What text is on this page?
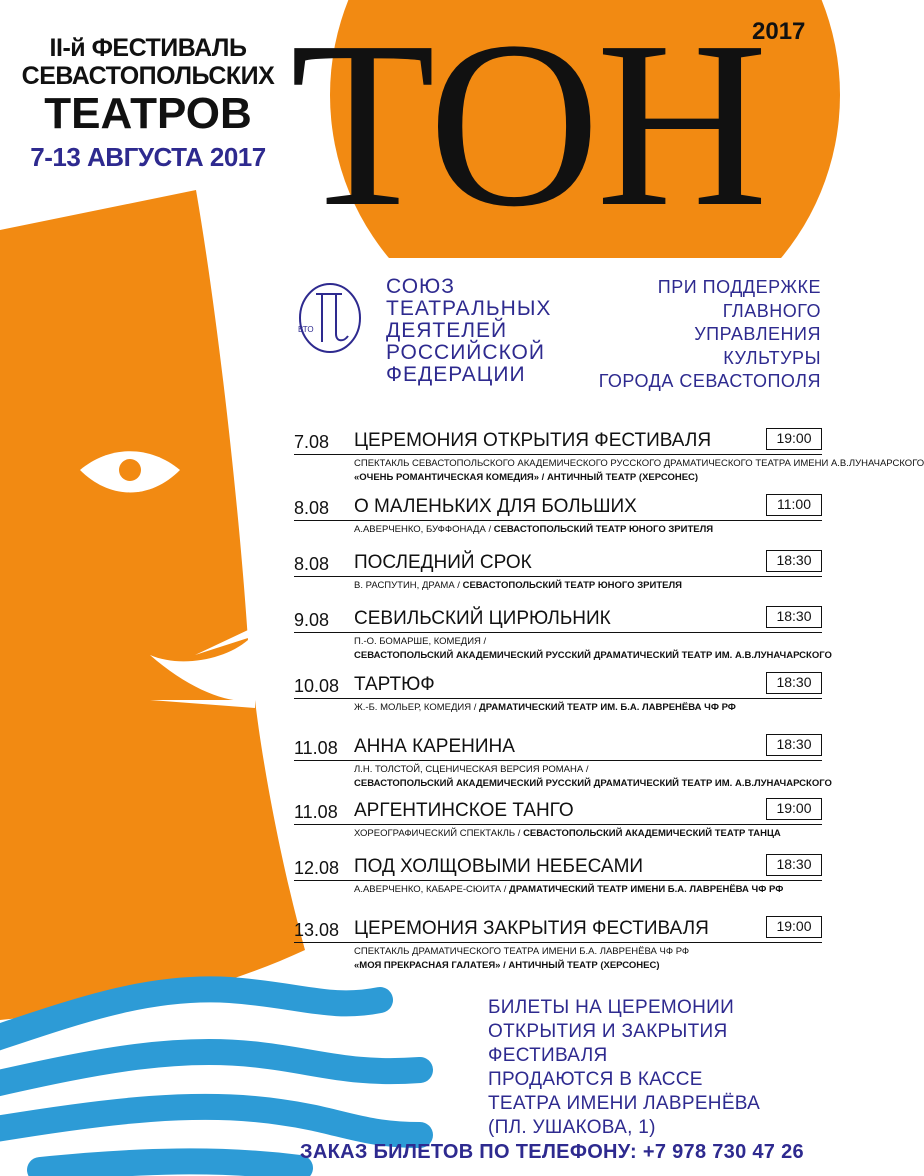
II-й ФЕСТИВАЛЬ
СЕВАСТОПОЛЬСКИХ
ТЕАТРОВ
7-13 АВГУСТА 2017 ТОН
2017
ВТО
СОЮЗ
ТЕАТРАЛЬНЫХ
ДЕЯТЕЛЕЙ
РОССИЙСКОЙ
ФЕДЕРАЦИИ
ПРИ ПОДДЕРЖКЕ
ГЛАВНОГО
УПРАВЛЕНИЯ
КУЛЬТУРЫ
ГОРОДА СЕВАСТОПОЛЯ
7.08 ЦЕРЕМОНИЯ ОТКРЫТИЯ ФЕСТИВАЛЯ	19:00
СПЕКТАКЛЬ СЕВАСТОПОЛЬСКОГО АКАДЕМИЧЕСКОГО РУССКОГО ДРАМАТИЧЕСКОГО ТЕАТРА ИМЕНИ А.В.ЛУНАЧАРСКОГО
«ОЧЕНЬ РОМАНТИЧЕСКАЯ КОМЕДИЯ» / АНТИЧНЫЙ ТЕАТР (ХЕРСОНЕС)
8.08 О МАЛЕНЬКИХ ДЛЯ БОЛЬШИХ	11:00
А.АВЕРЧЕНКО, БУФФОНАДА / СЕВАСТОПОЛЬСКИЙ ТЕАТР ЮНОГО ЗРИТЕЛЯ
8.08 ПОСЛЕДНИЙ СРОК	18:30
В. РАСПУТИН, ДРАМА / СЕВАСТОПОЛЬСКИЙ ТЕАТР ЮНОГО ЗРИТЕЛЯ
9.08 СЕВИЛЬСКИЙ ЦИРЮЛЬНИК	18:30
П.-О. БОМАРШЕ, КОМЕДИЯ /
СЕВАСТОПОЛЬСКИЙ АКАДЕМИЧЕСКИЙ РУССКИЙ ДРАМАТИЧЕСКИЙ ТЕАТР ИМ. А.В.ЛУНАЧАРСКОГО
10.08 ТАРТЮФ	18:30
Ж.-Б. МОЛЬЕР, КОМЕДИЯ / ДРАМАТИЧЕСКИЙ ТЕАТР ИМ. Б.А. ЛАВРЕНЁВА ЧФ РФ
11.08 АННА КАРЕНИНА	18:30
Л.Н. ТОЛСТОЙ, СЦЕНИЧЕСКАЯ ВЕРСИЯ РОМАНА /
СЕВАСТОПОЛЬСКИЙ АКАДЕМИЧЕСКИЙ РУССКИЙ ДРАМАТИЧЕСКИЙ ТЕАТР ИМ. А.В.ЛУНАЧАРСКОГО
11.08 АРГЕНТИНСКОЕ ТАНГО	19:00
ХОРЕОГРАФИЧЕСКИЙ СПЕКТАКЛЬ / СЕВАСТОПОЛЬСКИЙ АКАДЕМИЧЕСКИЙ ТЕАТР ТАНЦА
12.08 ПОД ХОЛЩОВЫМИ НЕБЕСАМИ	18:30
А.АВЕРЧЕНКО, КАБАРЕ-СЮИТА / ДРАМАТИЧЕСКИЙ ТЕАТР ИМЕНИ Б.А. ЛАВРЕНЁВА ЧФ РФ
13.08 ЦЕРЕМОНИЯ ЗАКРЫТИЯ ФЕСТИВАЛЯ	19:00
СПЕКТАКЛЬ ДРАМАТИЧЕСКОГО ТЕАТРА ИМЕНИ Б.А. ЛАВРЕНЁВА ЧФ РФ
«МОЯ ПРЕКРАСНАЯ ГАЛАТЕЯ» / АНТИЧНЫЙ ТЕАТР (ХЕРСОНЕС)
БИЛЕТЫ НА ЦЕРЕМОНИИ
ОТКРЫТИЯ И ЗАКРЫТИЯ ФЕСТИВАЛЯ
ПРОДАЮТСЯ В КАССЕ
ТЕАТРА ИМЕНИ ЛАВРЕНЁВА
(ПЛ. УШАКОВА, 1)
ЗАКАЗ БИЛЕТОВ ПО ТЕЛЕФОНУ: +7 978 730 47 26
